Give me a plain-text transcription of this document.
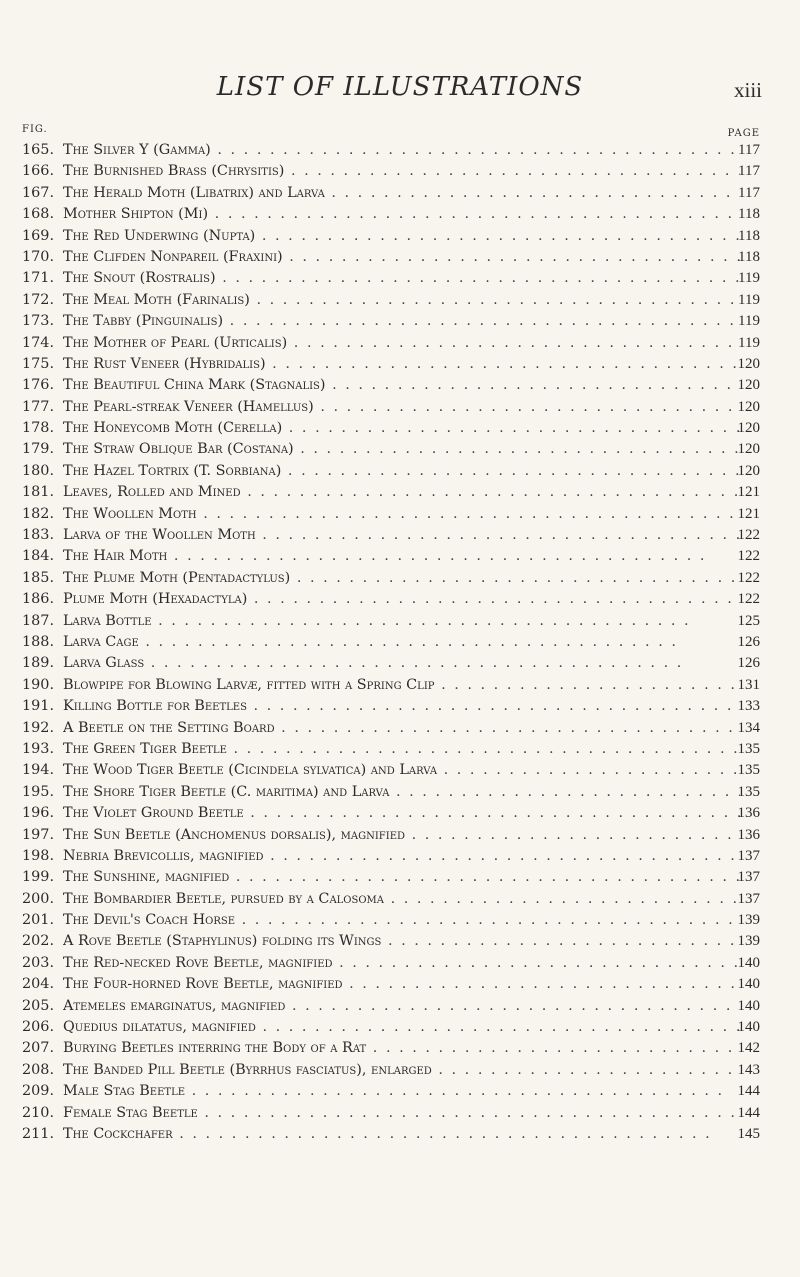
LIST OF ILLUSTRATIONS	xiii
FIG.	PAGE
165. The Silver Y (Gamma) . .	117
166. The Burnished Brass (Chrysitis) . .	117
167. The Herald Moth (Libatrix) and Larva . .	117
168. Mother Shipton (Mi) . .	118
169. The Red Underwing (Nupta) . .	118
170. The Clifden Nonpareil (Fraxini) . .	118
171. The Snout (Rostralis) . .	119
172. The Meal Moth (Farinalis) . .	119
173. The Tabby (Pinguinalis) . .	119
174. The Mother of Pearl (Urticalis) . .	119
175. The Rust Veneer (Hybridalis) . .	120
176. The Beautiful China Mark (Stagnalis) . .	120
177. The Pearl-streak Veneer (Hamellus) . .	120
178. The Honeycomb Moth (Cerella) . .	120
179. The Straw Oblique Bar (Costana) . .	120
180. The Hazel Tortrix (T. Sorbiana) . .	120
181. Leaves, Rolled and Mined . .	121
182. The Woollen Moth . .	121
183. Larva of the Woollen Moth . .	122
184. The Hair Moth . .	122
185. The Plume Moth (Pentadactylus) . .	122
186. Plume Moth (Hexadactyla) . .	122
187. Larva Bottle . .	125
188. Larva Cage . .	126
189. Larva Glass . .	126
190. Blowpipe for Blowing Larvæ, fitted with a Spring Clip . .	131
191. Killing Bottle for Beetles . .	133
192. A Beetle on the Setting Board . .	134
193. The Green Tiger Beetle . .	135
194. The Wood Tiger Beetle (Cicindela sylvatica) and Larva . .	135
195. The Shore Tiger Beetle (C. maritima) and Larva . .	135
196. The Violet Ground Beetle . .	136
197. The Sun Beetle (Anchomenus dorsalis), magnified . .	136
198. Nebria Brevicollis, magnified . .	137
199. The Sunshine, magnified . .	137
200. The Bombardier Beetle, pursued by a Calosoma . .	137
201. The Devil's Coach Horse . .	139
202. A Rove Beetle (Staphylinus) folding its Wings . .	139
203. The Red-necked Rove Beetle, magnified . .	140
204. The Four-horned Rove Beetle, magnified . .	140
205. Atemeles emarginatus, magnified . .	140
206. Quedius dilatatus, magnified . .	140
207. Burying Beetles interring the Body of a Rat . .	142
208. The Banded Pill Beetle (Byrrhus fasciatus), enlarged . .	143
209. Male Stag Beetle . .	144
210. Female Stag Beetle . .	144
211. The Cockchafer . .	145
